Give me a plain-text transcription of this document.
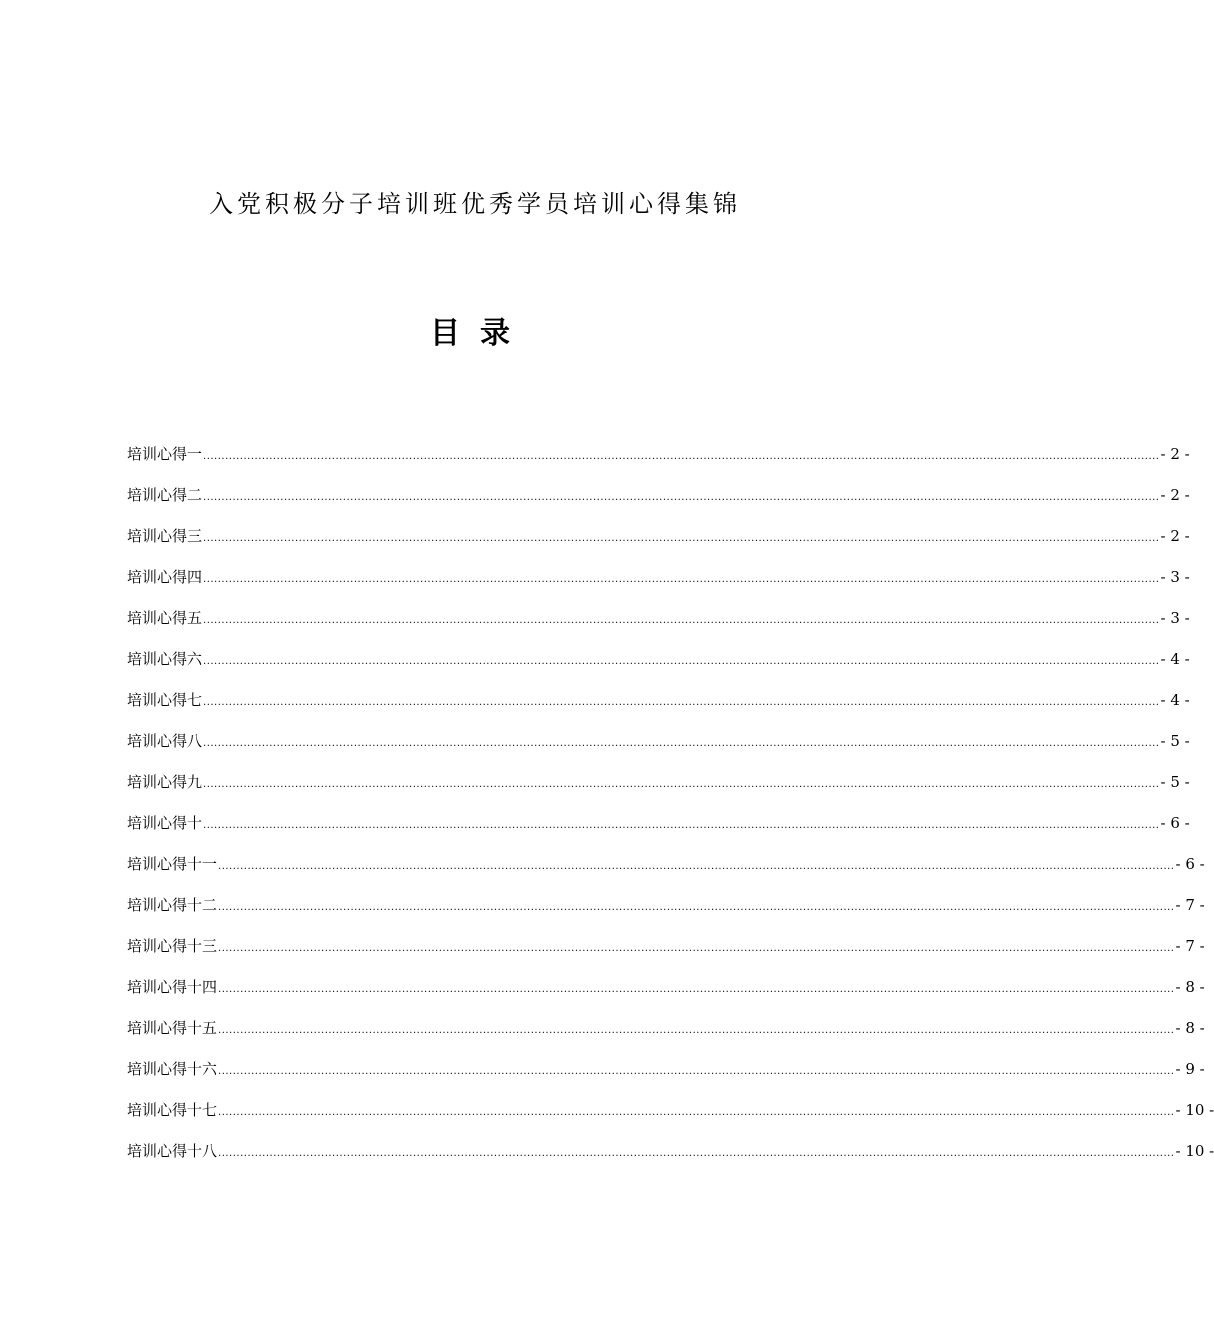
入党积极分子培训班优秀学员培训心得集锦
目录
培训心得一 .................................................................................................................................................................................................................................................................... - 2 -
培训心得二 .................................................................................................................................................................................................................................................................... - 2 -
培训心得三 .................................................................................................................................................................................................................................................................... - 2 -
培训心得四 .................................................................................................................................................................................................................................................................... - 3 -
培训心得五 .................................................................................................................................................................................................................................................................... - 3 -
培训心得六 .................................................................................................................................................................................................................................................................... - 4 -
培训心得七 .................................................................................................................................................................................................................................................................... - 4 -
培训心得八 .................................................................................................................................................................................................................................................................... - 5 -
培训心得九 .................................................................................................................................................................................................................................................................... - 5 -
培训心得十 .................................................................................................................................................................................................................................................................... - 6 -
培训心得十一 .................................................................................................................................................................................................................................................................... - 6 -
培训心得十二 .................................................................................................................................................................................................................................................................... - 7 -
培训心得十三 .................................................................................................................................................................................................................................................................... - 7 -
培训心得十四 .................................................................................................................................................................................................................................................................... - 8 -
培训心得十五 .................................................................................................................................................................................................................................................................... - 8 -
培训心得十六 .................................................................................................................................................................................................................................................................... - 9 -
培训心得十七 .................................................................................................................................................................................................................................................................... - 10 -
培训心得十八 .................................................................................................................................................................................................................................................................... - 10 -
